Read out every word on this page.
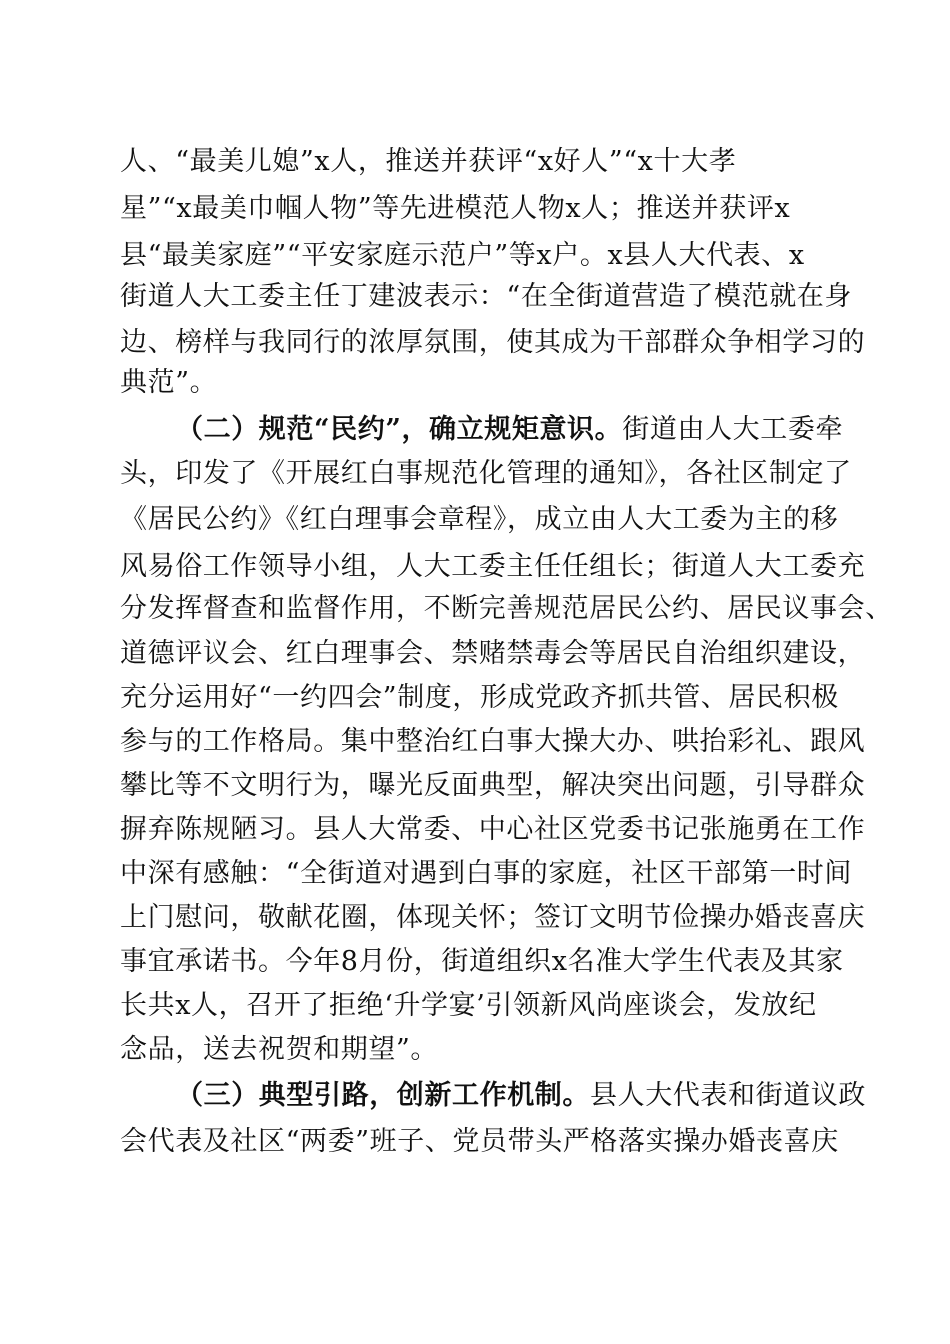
人、“最美儿媳”x人，推送并获评“x好人”“x十大孝
星”“x最美巾帼人物”等先进模范人物x人；推送并获评x
县“最美家庭”“平安家庭示范户”等x户。x县人大代表、x
街道人大工委主任丁建波表示：“在全街道营造了模范就在身
边、榜样与我同行的浓厚氛围，使其成为干部群众争相学习的
典范”。
（二）规范“民约”，确立规矩意识。街道由人大工委牵
头，印发了《开展红白事规范化管理的通知》，各社区制定了
《居民公约》《红白理事会章程》，成立由人大工委为主的移
风易俗工作领导小组，人大工委主任任组长；街道人大工委充
分发挥督查和监督作用，不断完善规范居民公约、居民议事会、
道德评议会、红白理事会、禁赌禁毒会等居民自治组织建设，
充分运用好“一约四会”制度，形成党政齐抓共管、居民积极
参与的工作格局。集中整治红白事大操大办、哄抬彩礼、跟风
攀比等不文明行为，曝光反面典型，解决突出问题，引导群众
摒弃陈规陋习。县人大常委、中心社区党委书记张施勇在工作
中深有感触：“全街道对遇到白事的家庭，社区干部第一时间
上门慰问，敬献花圈，体现关怀；签订文明节俭操办婚丧喜庆
事宜承诺书。今年8月份，街道组织x名准大学生代表及其家
长共x人，召开了拒绝‘升学宴’引领新风尚座谈会，发放纪
念品，送去祝贺和期望”。
（三）典型引路，创新工作机制。县人大代表和街道议政
会代表及社区“两委”班子、党员带头严格落实操办婚丧喜庆
